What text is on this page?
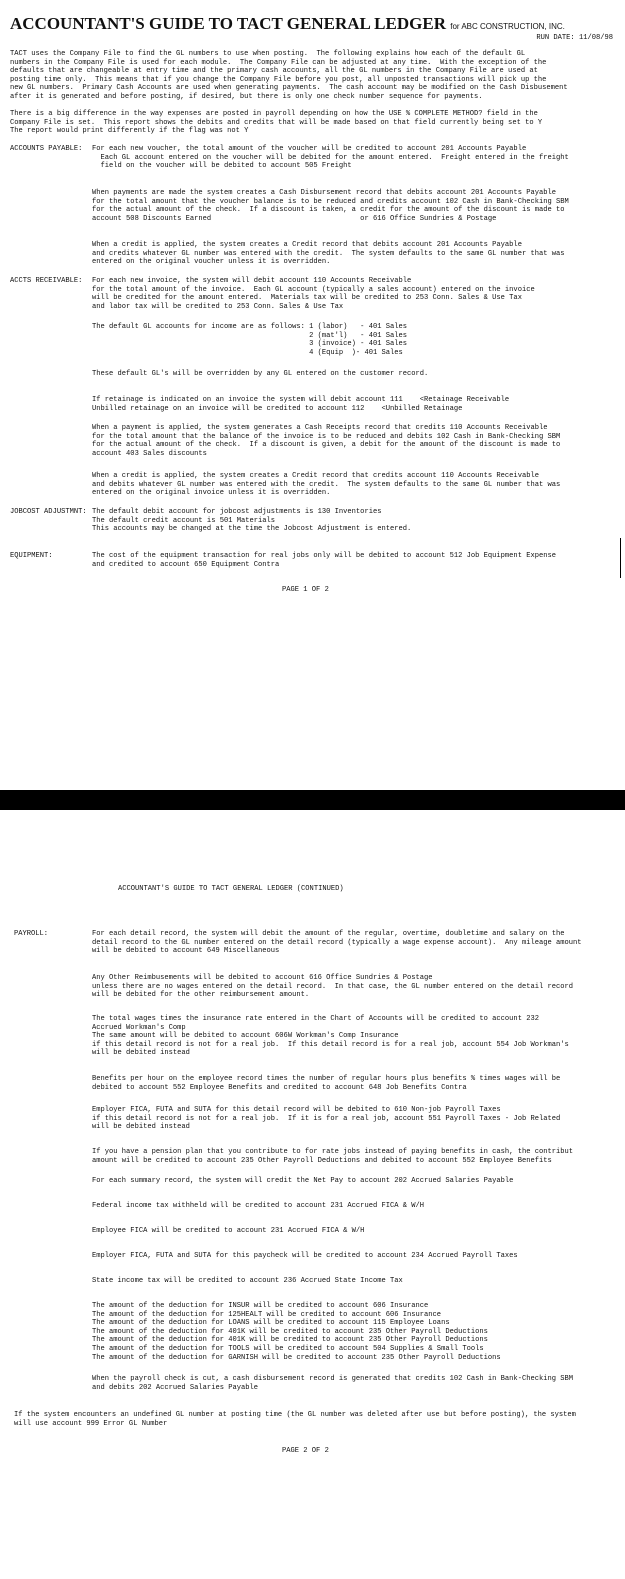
ACCOUNTANT'S GUIDE TO TACT GENERAL LEDGER for ABC CONSTRUCTION, INC.
RUN DATE: 11/08/98
TACT uses the Company File to find the GL numbers to use when posting.  The following explains how each of the default GL
numbers in the Company File is used for each module.  The Company File can be adjusted at any time.  With the exception of the
defaults that are changeable at entry time and the primary cash accounts, all the GL numbers in the Company File are used at
posting time only.  This means that if you change the Company File before you post, all unposted transactions will pick up the
new GL numbers.  Primary Cash Accounts are used when generating payments.  The cash account may be modified on the Cash Disbusement
after it is generated and before posting, if desired, but there is only one check number sequence for payments.
There is a big difference in the way expenses are posted in payroll depending on how the USE % COMPLETE METHOD? field in the
Company File is set.  This report shows the debits and credits that will be made based on that field currently being set to Y
The report would print differently if the flag was not Y
ACCOUNTS PAYABLE: For each new voucher, the total amount of the voucher will be credited to account 201 Accounts Payable
Each GL account entered on the voucher will be debited for the amount entered.  Freight entered in the freight
field on the voucher will be debited to account 505 Freight
When payments are made the system creates a Cash Disbursement record that debits account 201 Accounts Payable
for the total amount that the voucher balance is to be reduced and credits account 102 Cash in Bank-Checking SBM
for the actual amount of the check.  If a discount is taken, a credit for the amount of the discount is made to
account 508 Discounts Earned                                   or 616 Office Sundries & Postage
When a credit is applied, the system creates a Credit record that debits account 201 Accounts Payable
and credits whatever GL number was entered with the credit.  The system defaults to the same GL number that was
entered on the original voucher unless it is overridden.
ACCTS RECEIVABLE: For each new invoice, the system will debit account 110 Accounts Receivable
for the total amount of the invoice.  Each GL account (typically a sales account) entered on the invoice
will be credited for the amount entered.  Materials tax will be credited to 253 Conn. Sales & Use Tax
and labor tax will be credited to 253 Conn. Sales & Use Tax
The default GL accounts for income are as follows: 1 (labor)   - 401 Sales
2 (mat'l)   - 401 Sales
3 (invoice) - 401 Sales
4 (Equip  )- 401 Sales
These default GL's will be overridden by any GL entered on the customer record.
If retainage is indicated on an invoice the system will debit account 111    <Retainage Receivable
Unbilled retainage on an invoice will be credited to account 112    <Unbilled Retainage
When a payment is applied, the system generates a Cash Receipts record that credits 110 Accounts Receivable
for the total amount that the balance of the invoice is to be reduced and debits 102 Cash in Bank-Checking SBM
for the actual amount of the check.  If a discount is given, a debit for the amount of the discount is made to
account 403 Sales discounts
When a credit is applied, the system creates a Credit record that credits account 110 Accounts Receivable
and debits whatever GL number was entered with the credit.  The system defaults to the same GL number that was
entered on the original invoice unless it is overridden.
JOBCOST ADJUSTMNT: The default debit account for jobcost adjustments is 130 Inventories
The default credit account is 501 Materials
This accounts may be changed at the time the Jobcost Adjustment is entered.
EQUIPMENT:	The cost of the equipment transaction for real jobs only will be debited to account 512 Job Equipment Expense
and credited to account 650 Equipment Contra
PAGE 1 OF 2
ACCOUNTANT'S GUIDE TO TACT GENERAL LEDGER (CONTINUED)
PAYROLL:	For each detail record, the system will debit the amount of the regular, overtime, doubletime and salary on the
detail record to the GL number entered on the detail record (typically a wage expense account).  Any mileage amount
will be debited to account 649 Miscellaneous
Any Other Reimbusements will be debited to account 616 Office Sundries & Postage
unless there are no wages entered on the detail record.  In that case, the GL number entered on the detail record
will be debited for the other reimbursement amount.
The total wages times the insurance rate entered in the Chart of Accounts will be credited to account 232
Accrued Workman's Comp
The same amount will be debited to account 606W Workman's Comp Insurance
if this detail record is not for a real job.  If this detail record is for a real job, account 554 Job Workman's
will be debited instead
Benefits per hour on the employee record times the number of regular hours plus benefits % times wages will be
debited to account 552 Employee Benefits and credited to account 648 Job Benefits Contra
Employer FICA, FUTA and SUTA for this detail record will be debited to 610 Non-job Payroll Taxes
if this detail record is not for a real job.  If it is for a real job, account 551 Payroll Taxes - Job Related
will be debited instead
If you have a pension plan that you contribute to for rate jobs instead of paying benefits in cash, the contribut
amount will be credited to account 235 Other Payroll Deductions and debited to account 552 Employee Benefits
For each summary record, the system will credit the Net Pay to account 202 Accrued Salaries Payable
Federal income tax withheld will be credited to account 231 Accrued FICA & W/H
Employee FICA will be credited to account 231 Accrued FICA & W/H
Employer FICA, FUTA and SUTA for this paycheck will be credited to account 234 Accrued Payroll Taxes
State income tax will be credited to account 236 Accrued State Income Tax
The amount of the deduction for INSUR will be credited to account 606 Insurance
The amount of the deduction for 125HEALT will be credited to account 606 Insurance
The amount of the deduction for LOANS will be credited to account 115 Employee Loans
The amount of the deduction for 401K will be credited to account 235 Other Payroll Deductions
The amount of the deduction for 401K will be credited to account 235 Other Payroll Deductions
The amount of the deduction for TOOLS will be credited to account 504 Supplies & Small Tools
The amount of the deduction for GARNISH will be credited to account 235 Other Payroll Deductions
When the payroll check is cut, a cash disbursement record is generated that credits 102 Cash in Bank-Checking SBM
and debits 202 Accrued Salaries Payable
If the system encounters an undefined GL number at posting time (the GL number was deleted after use but before posting), the system
will use account 999 Error GL Number
PAGE 2 OF 2
